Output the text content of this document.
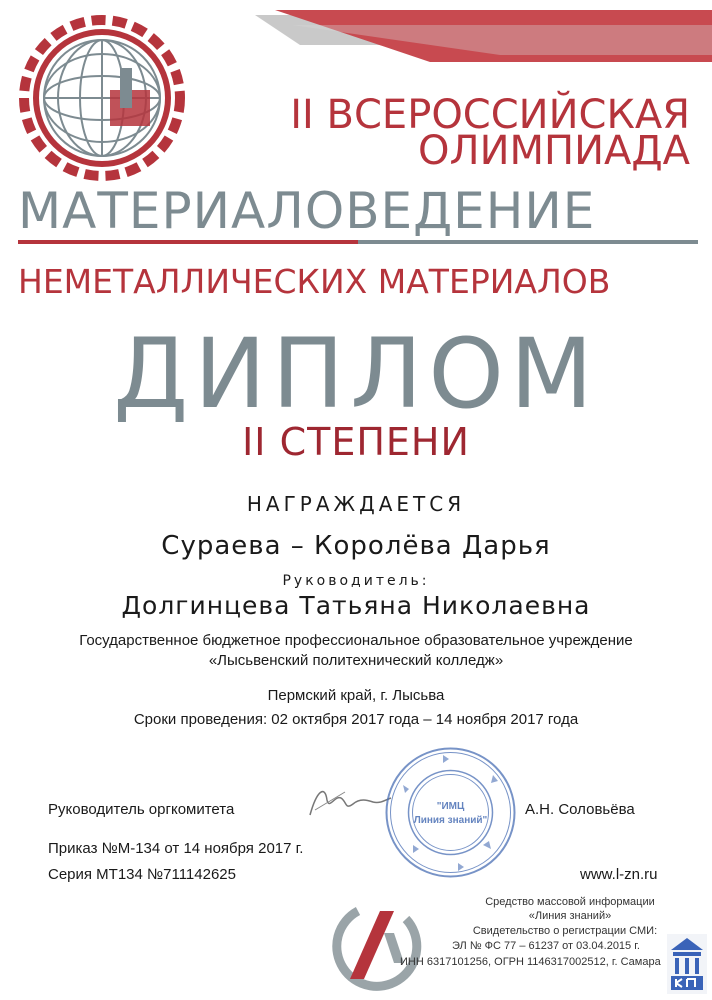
II ВСЕРОССИЙСКАЯ
ОЛИМПИАДА
МАТЕРИАЛОВЕДЕНИЕ
НЕМЕТАЛЛИЧЕСКИХ МАТЕРИАЛОВ
ДИПЛОМ
II СТЕПЕНИ
НАГРАЖДАЕТСЯ
Сураева – Королёва Дарья
Руководитель:
Долгинцева Татьяна Николаевна
Государственное бюджетное профессиональное образовательное учреждение
«Лысьвенский политехнический колледж»
Пермский край, г. Лысьва
Сроки проведения: 02 октября 2017 года – 14 ноября 2017 года
"ИМЦ
Линия знаний"
Руководитель оргкомитета	А.Н. Соловьёва
Приказ №М-134 от 14 ноября 2017 г.
Серия МТ134 №711142625	www.l-zn.ru
Средство массовой информации
«Линия знаний»
Свидетельство о регистрации СМИ:
ЭЛ № ФС 77 – 61237 от 03.04.2015 г.
ИНН 6317101256, ОГРН 1146317002512, г. Самара
